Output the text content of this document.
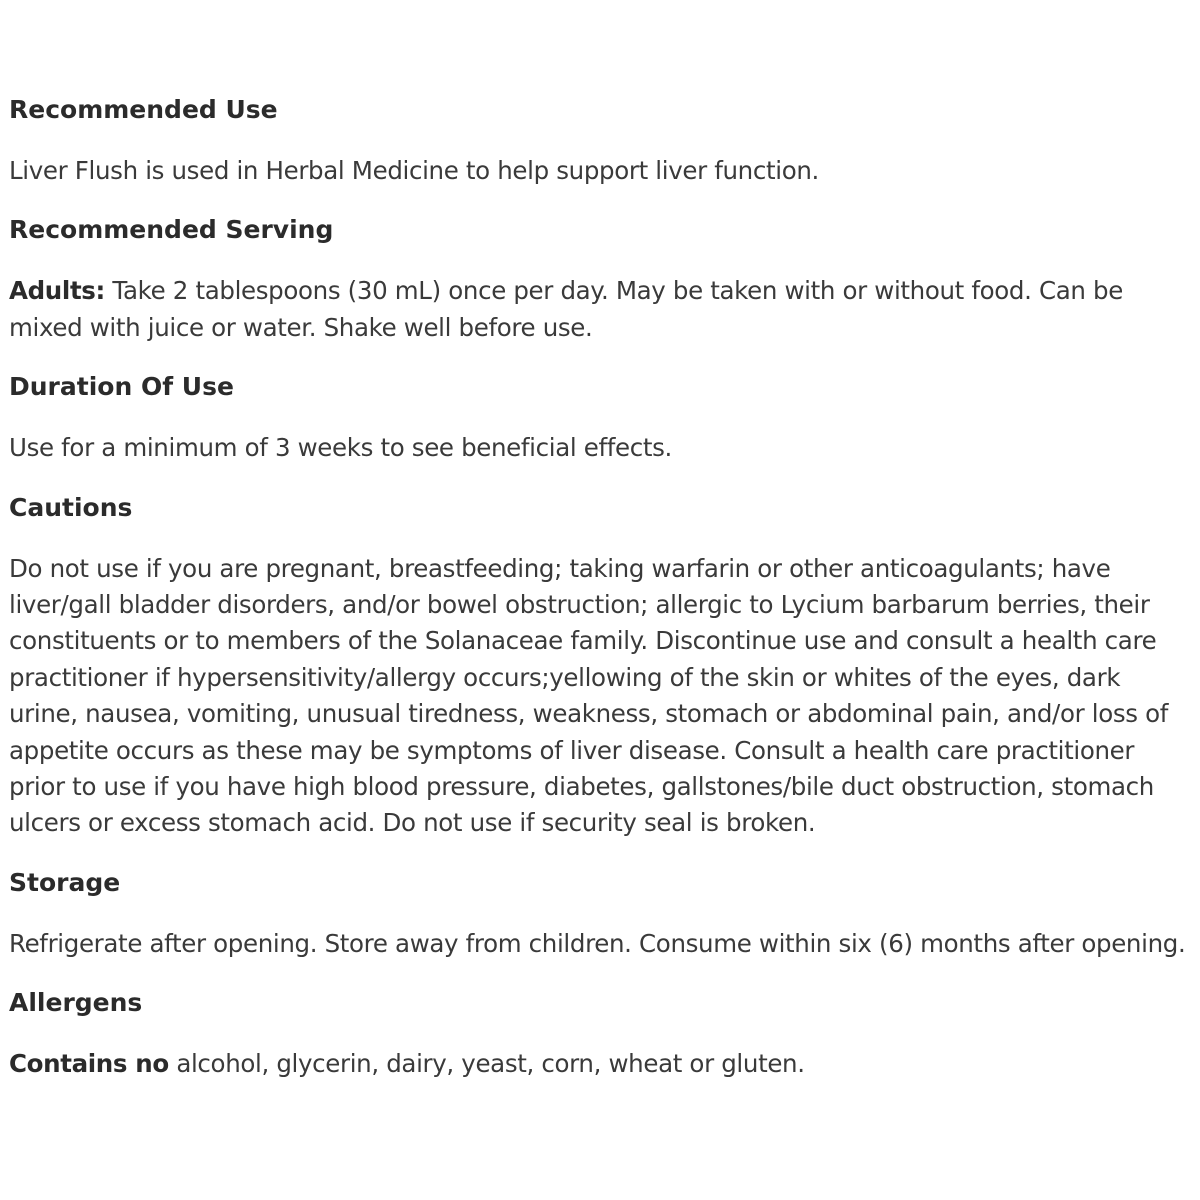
Recommended Use

Liver Flush is used in Herbal Medicine to help support liver function.

Recommended Serving

Adults: Take 2 tablespoons (30 mL) once per day. May be taken with or without food. Can be mixed with juice or water. Shake well before use.

Duration Of Use

Use for a minimum of 3 weeks to see beneficial effects.

Cautions

Do not use if you are pregnant, breastfeeding; taking warfarin or other anticoagulants; have liver/gall bladder disorders, and/or bowel obstruction; allergic to Lycium barbarum berries, their constituents or to members of the Solanaceae family. Discontinue use and consult a health care practitioner if hypersensitivity/allergy occurs;yellowing of the skin or whites of the eyes, dark urine, nausea, vomiting, unusual tiredness, weakness, stomach or abdominal pain, and/or loss of appetite occurs as these may be symptoms of liver disease. Consult a health care practitioner prior to use if you have high blood pressure, diabetes, gallstones/bile duct obstruction, stomach ulcers or excess stomach acid. Do not use if security seal is broken.

Storage

Refrigerate after opening. Store away from children. Consume within six (6) months after opening.

Allergens

Contains no alcohol, glycerin, dairy, yeast, corn, wheat or gluten.
